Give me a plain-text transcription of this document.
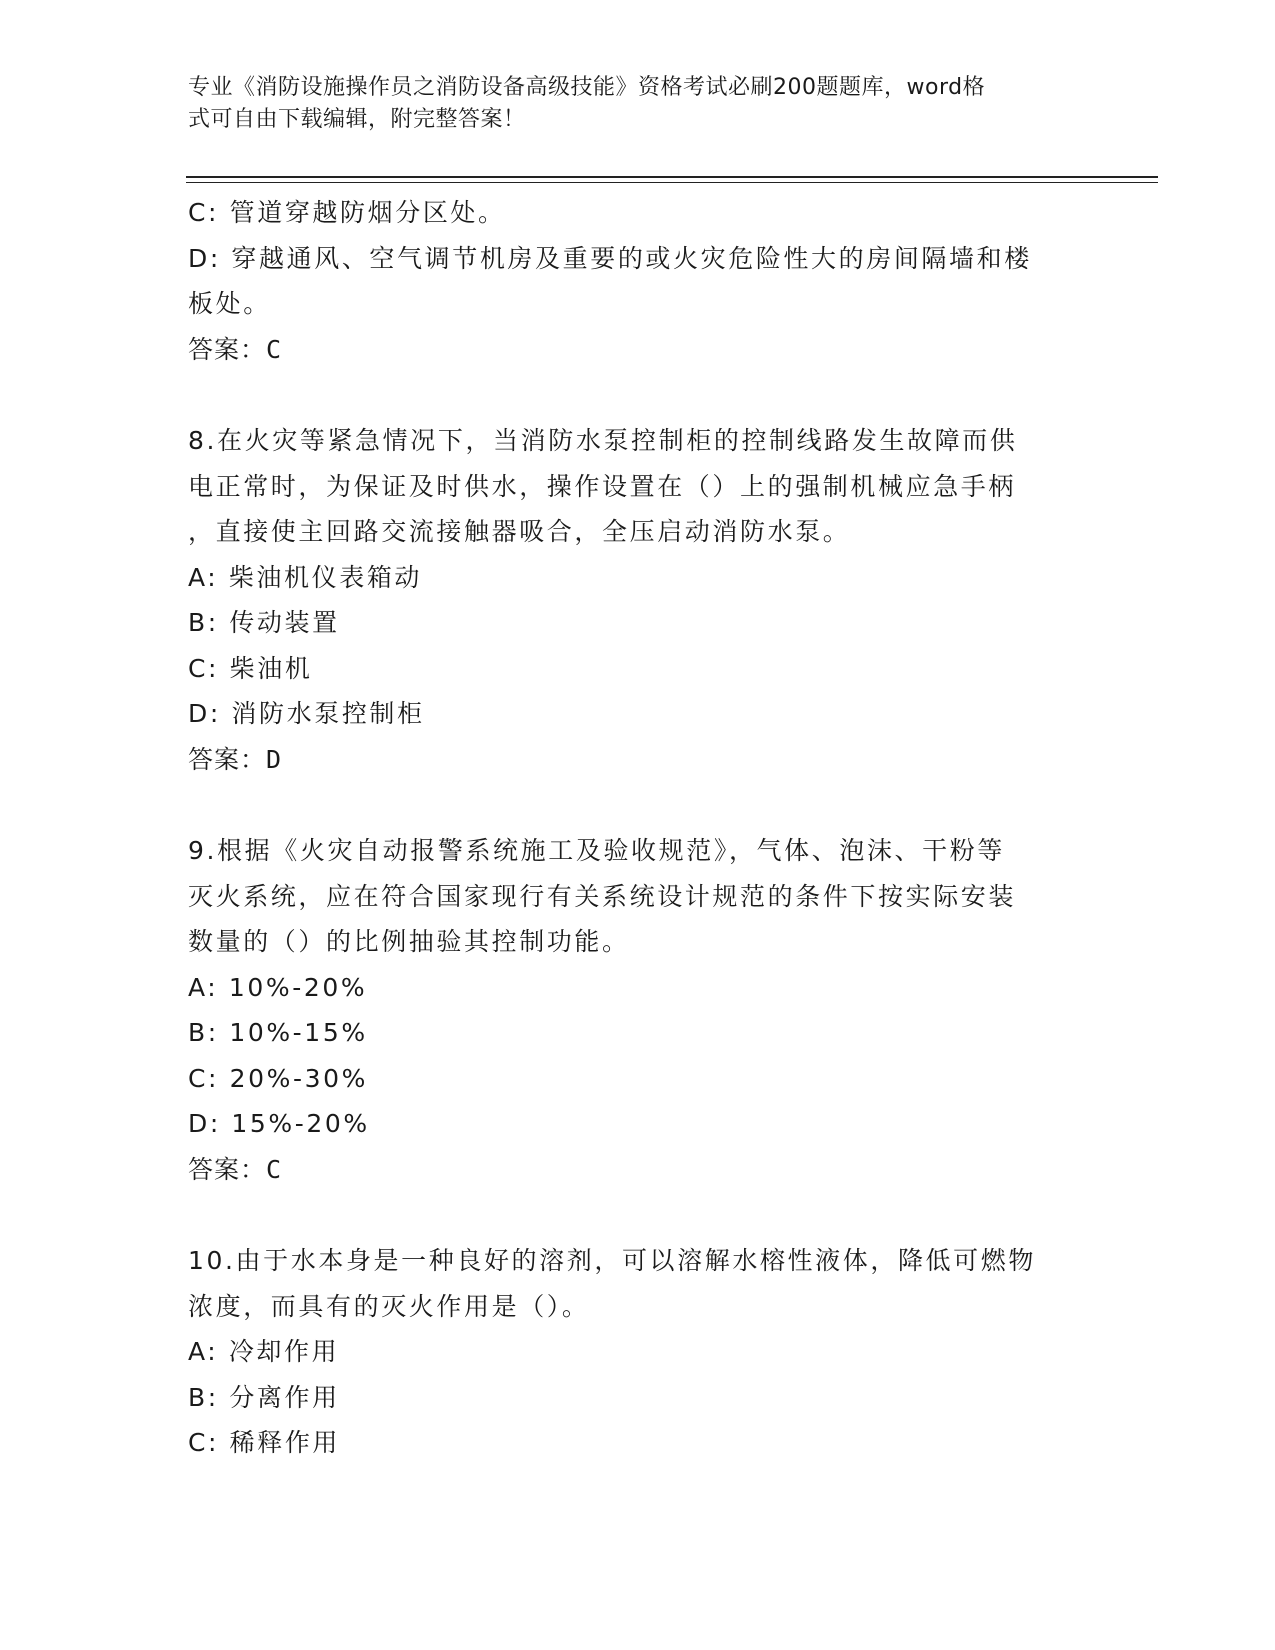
专业《消防设施操作员之消防设备高级技能》资格考试必刷200题题库，word格
式可自由下载编辑，附完整答案！
C: 管道穿越防烟分区处。
D: 穿越通风、空气调节机房及重要的或火灾危险性大的房间隔墙和楼
板处。
答案：C
8.在火灾等紧急情况下，当消防水泵控制柜的控制线路发生故障而供
电正常时，为保证及时供水，操作设置在（）上的强制机械应急手柄
，直接使主回路交流接触器吸合，全压启动消防水泵。
A: 柴油机仪表箱动
B: 传动装置
C: 柴油机
D: 消防水泵控制柜
答案：D
9.根据《火灾自动报警系统施工及验收规范》，气体、泡沫、干粉等
灭火系统，应在符合国家现行有关系统设计规范的条件下按实际安装
数量的（）的比例抽验其控制功能。
A: 10%-20%
B: 10%-15%
C: 20%-30%
D: 15%-20%
答案：C
10.由于水本身是一种良好的溶剂，可以溶解水榕性液体，降低可燃物
浓度，而具有的灭火作用是（）。
A: 冷却作用
B: 分离作用
C: 稀释作用
